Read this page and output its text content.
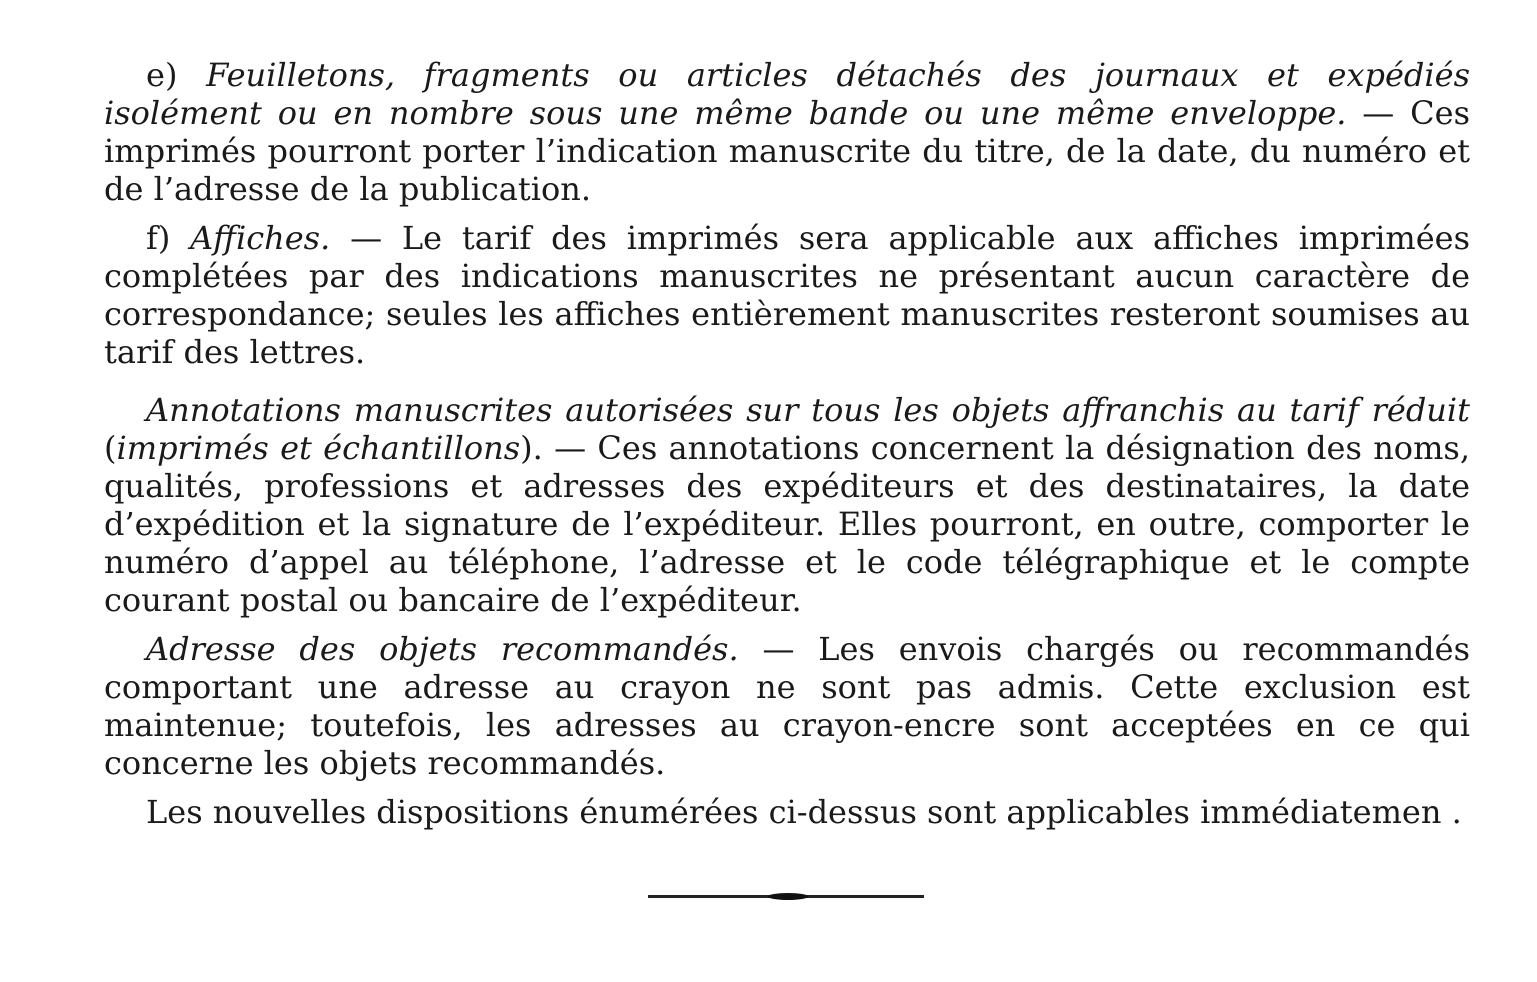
e) Feuilletons, fragments ou articles détachés des journaux et expédiés isolément ou en nombre sous une même bande ou une même enveloppe. — Ces imprimés pourront porter l’indication manuscrite du titre, de la date, du numéro et de l’adresse de la publication.

f) Affiches. — Le tarif des imprimés sera applicable aux affiches imprimées complétées par des indications manuscrites ne présentant aucun caractère de correspondance; seules les affiches entièrement manuscrites resteront soumises au tarif des lettres.

Annotations manuscrites autorisées sur tous les objets affranchis au tarif réduit (imprimés et échantillons). — Ces annotations concernent la désignation des noms, qualités, professions et adresses des expéditeurs et des destinataires, la date d’expédition et la signature de l’expéditeur. Elles pourront, en outre, comporter le numéro d’appel au téléphone, l’adresse et le code télégraphique et le compte courant postal ou bancaire de l’expéditeur.

Adresse des objets recommandés. — Les envois chargés ou recommandés comportant une adresse au crayon ne sont pas admis. Cette exclusion est maintenue; toutefois, les adresses au crayon-encre sont acceptées en ce qui concerne les objets recommandés.

Les nouvelles dispositions énumérées ci-dessus sont applicables immédiatemen .
